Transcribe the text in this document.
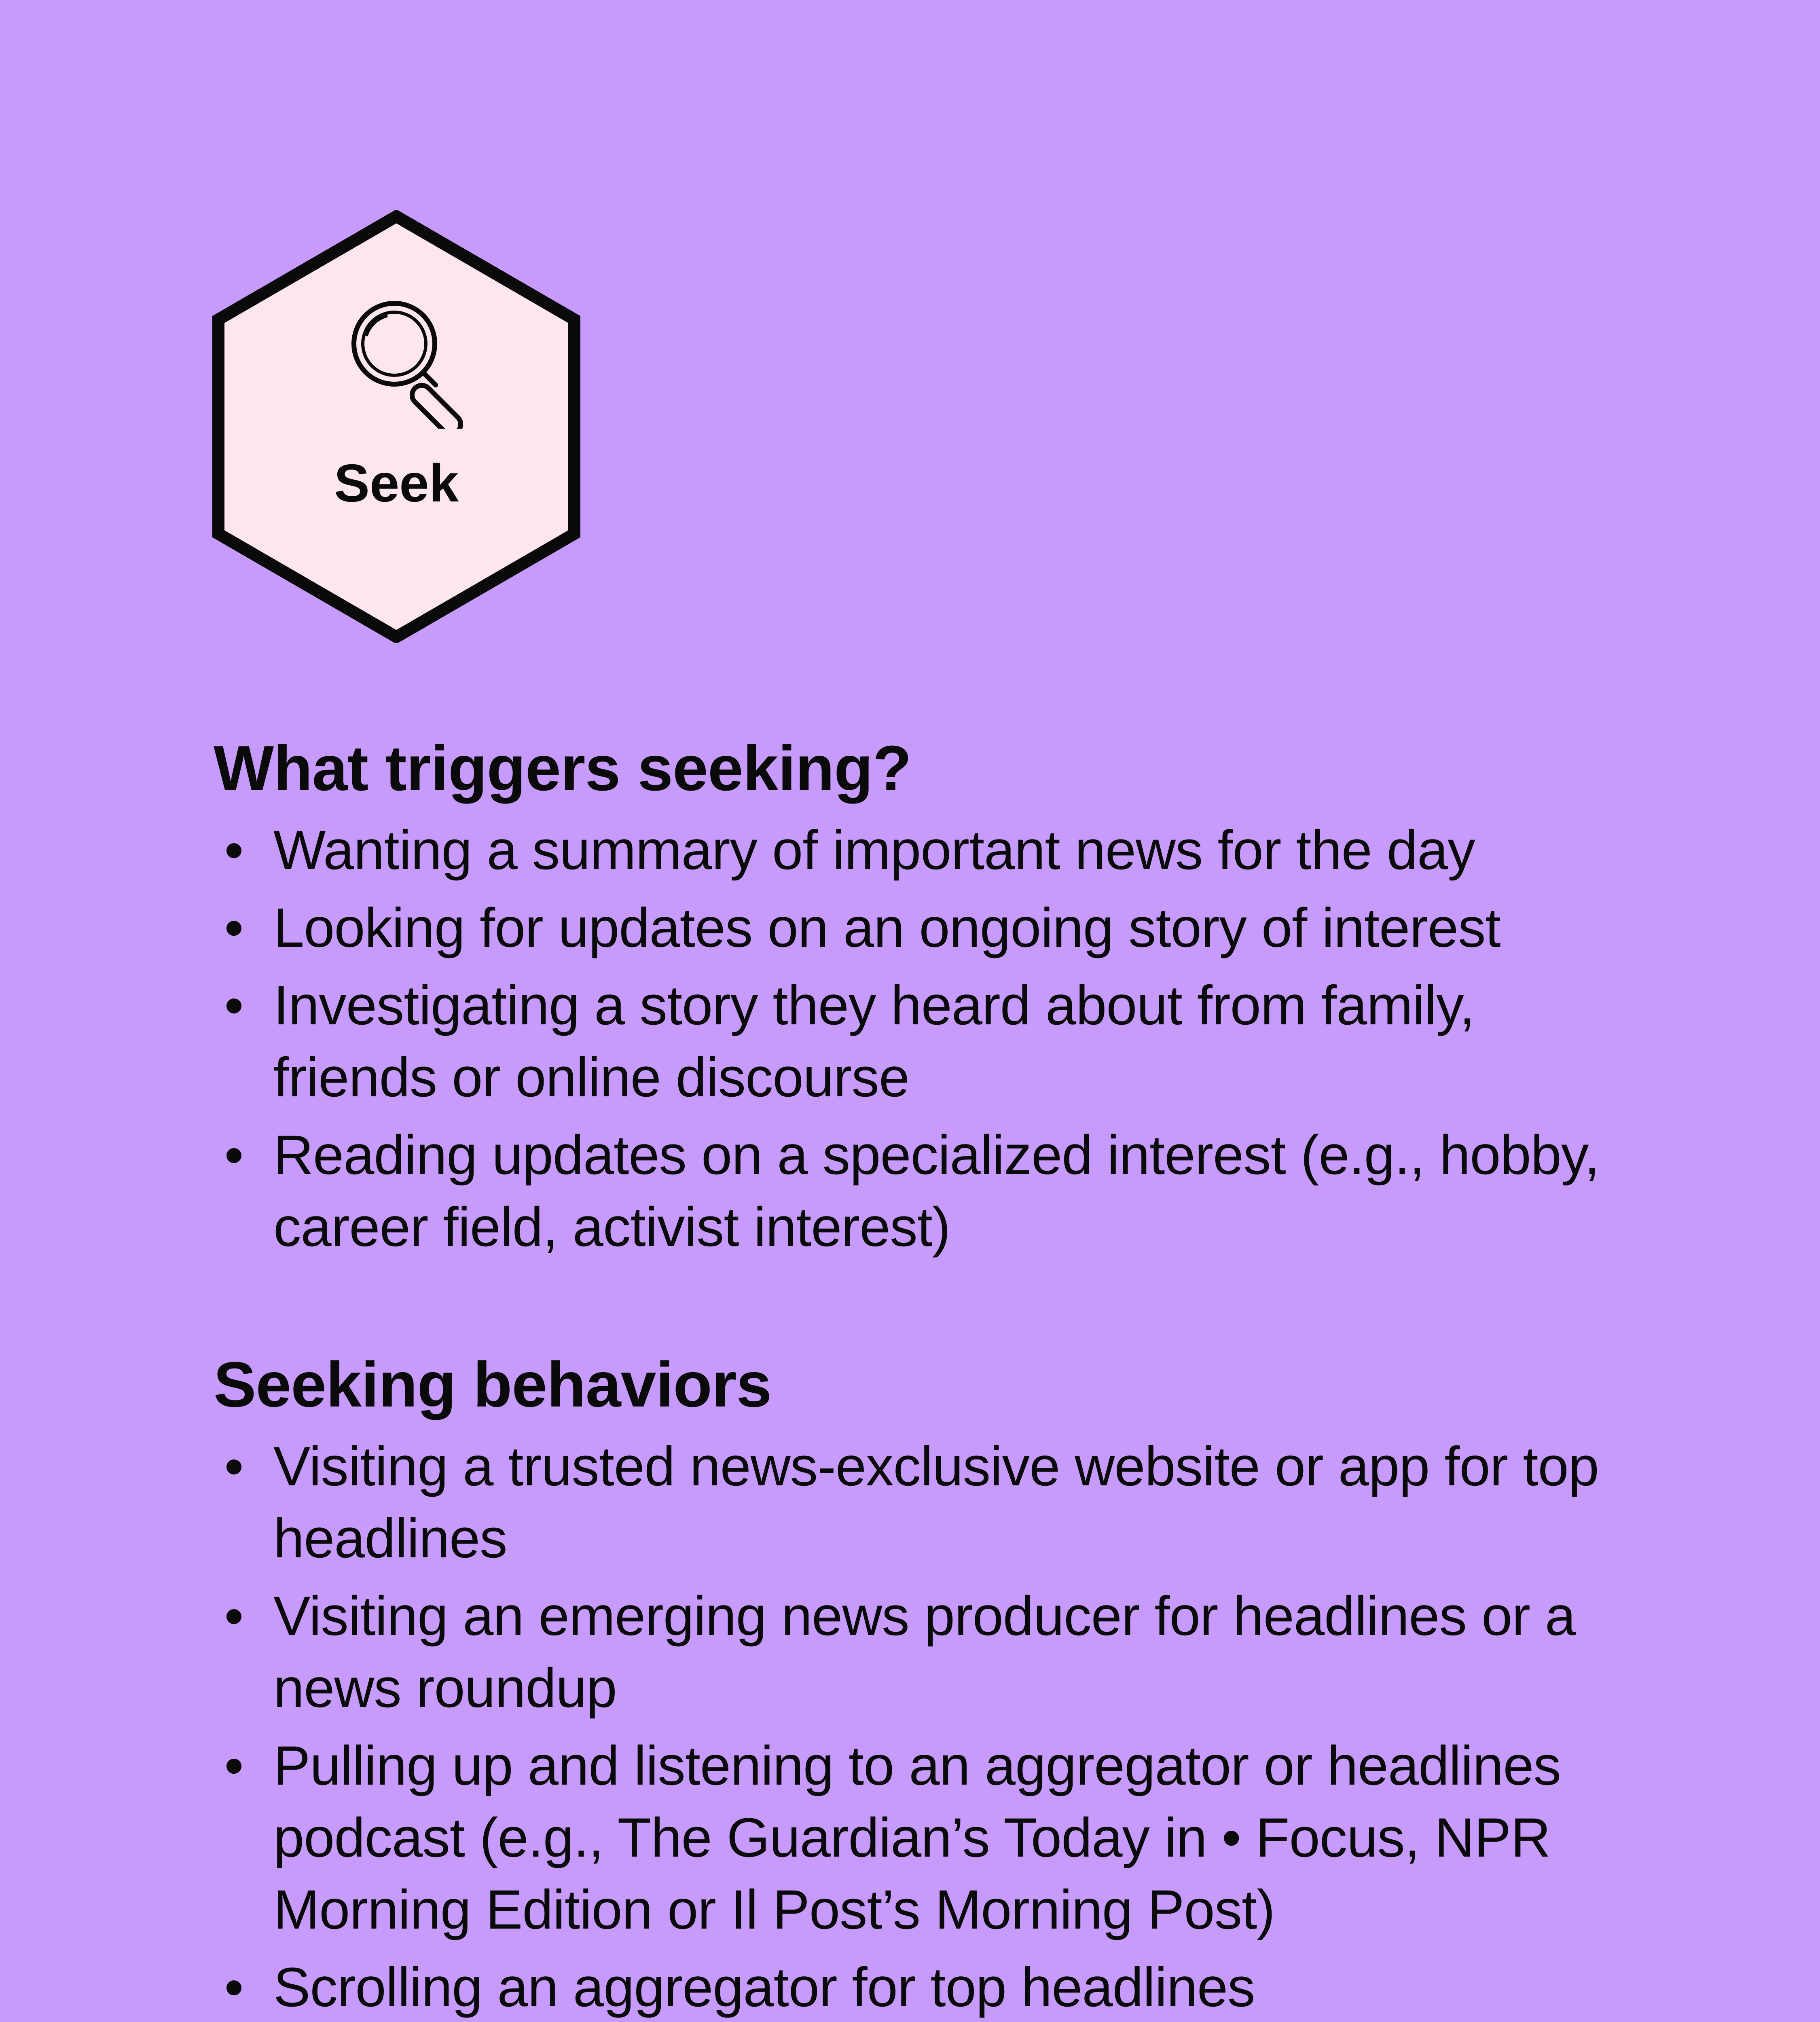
Seek
What triggers seeking?
• Wanting a summary of important news for the day
• Looking for updates on an ongoing story of interest
• Investigating a story they heard about from family, friends or online discourse
• Reading updates on a specialized interest (e.g., hobby, career field, activist interest)
Seeking behaviors
• Visiting a trusted news-exclusive website or app for top headlines
• Visiting an emerging news producer for headlines or a news roundup
• Pulling up and listening to an aggregator or headlines podcast (e.g., The Guardian’s Today in • Focus, NPR Morning Edition or Il Post’s Morning Post)
• Scrolling an aggregator for top headlines
